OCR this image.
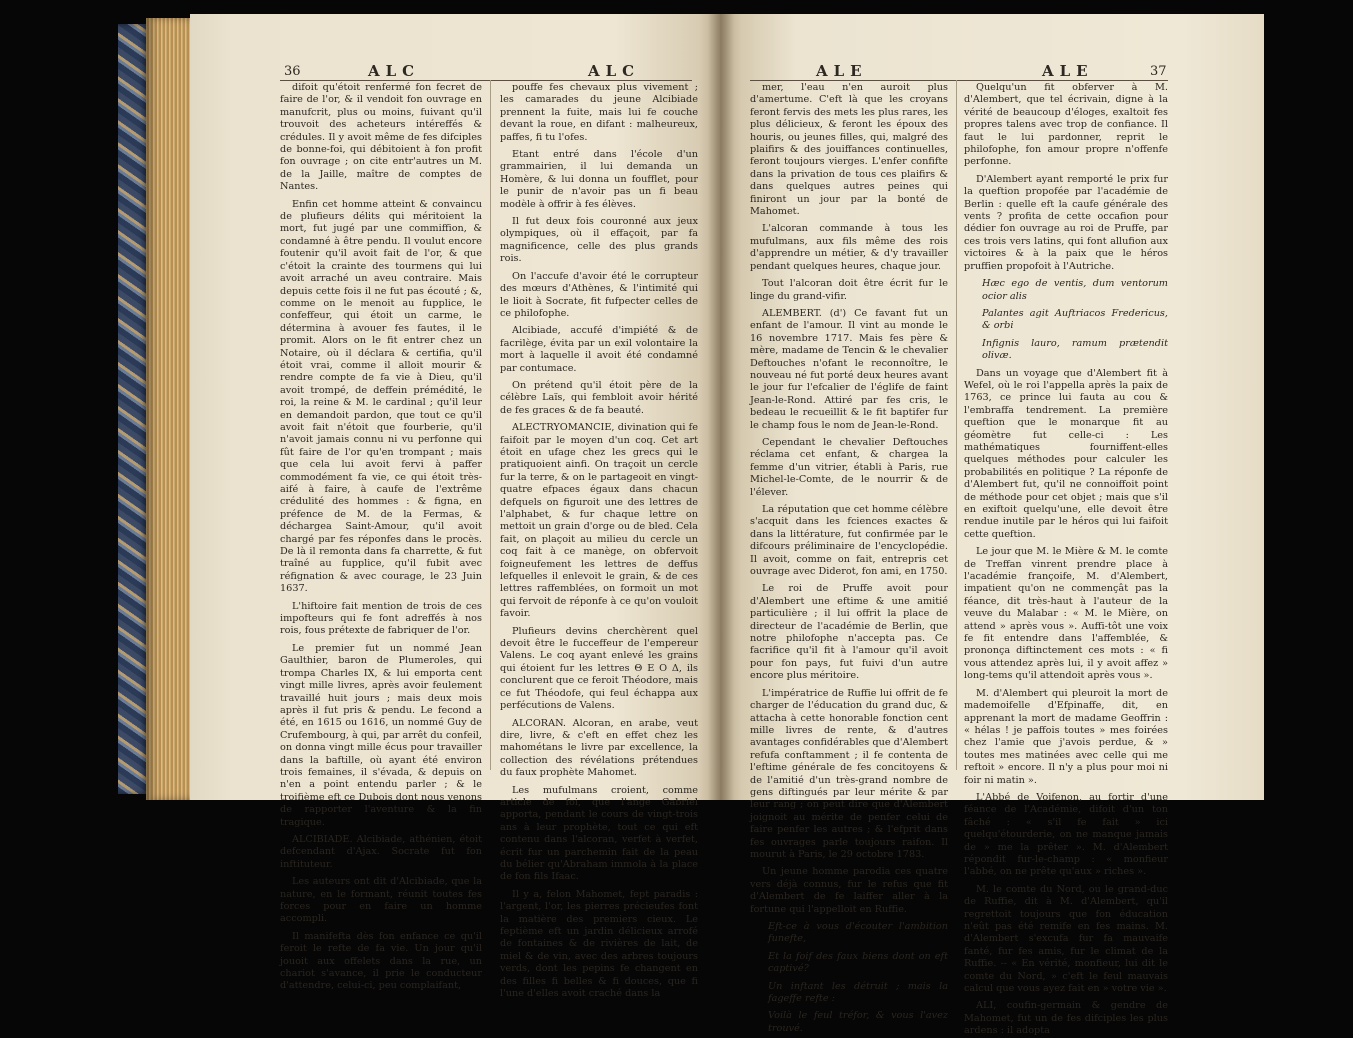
36	ALC	ALC

difoit qu'étoit renfermé fon fecret de faire de l'or, & il vendoit fon ouvrage en manufcrit, plus ou moins, fuivant qu'il trouvoit des acheteurs intéreffés & crédules. Il y avoit même de fes difciples de bonne-foi, qui débitoient à fon profit fon ouvrage ; on cite entr'autres un M. de la Jaille, maître de comptes de Nantes.

Enfin cet homme atteint & convaincu de plufieurs délits qui méritoient la mort, fut jugé par une commiffion, & condamné à être pendu. Il voulut encore foutenir qu'il avoit fait de l'or, & que c'étoit la crainte des tourmens qui lui avoit arraché un aveu contraire. Mais depuis cette fois il ne fut pas écouté ; &, comme on le menoit au fupplice, le confeffeur, qui étoit un carme, le détermina à avouer fes fautes, il le promit. Alors on le fit entrer chez un Notaire, où il déclara & certifia, qu'il étoit vrai, comme il alloit mourir & rendre compte de fa vie à Dieu, qu'il avoit trompé, de deffein prémédité, le roi, la reine & M. le cardinal ; qu'il leur en demandoit pardon, que tout ce qu'il avoit fait n'étoit que fourberie, qu'il n'avoit jamais connu ni vu perfonne qui fût faire de l'or qu'en trompant ; mais que cela lui avoit fervi à paffer commodément fa vie, ce qui étoit très-aifé à faire, à caufe de l'extrême crédulité des hommes : & figna, en préfence de M. de la Fermas, & déchargea Saint-Amour, qu'il avoit chargé par fes réponfes dans le procès. De là il remonta dans fa charrette, & fut traîné au fupplice, qu'il fubit avec réfignation & avec courage, le 23 Juin 1637.

L'hiftoire fait mention de trois de ces impofteurs qui fe font adreffés à nos rois, fous prétexte de fabriquer de l'or.

Le premier fut un nommé Jean Gaulthier, baron de Plumeroles, qui trompa Charles IX, & lui emporta cent vingt mille livres, après avoir feulement travaillé huit jours ; mais deux mois après il fut pris & pendu. Le fecond a été, en 1615 ou 1616, un nommé Guy de Crufembourg, à qui, par arrêt du confeil, on donna vingt mille écus pour travailler dans la baftille, où ayant été environ trois femaines, il s'évada, & depuis on n'en a point entendu parler ; & le troifième eft ce Dubois dont nous venons de rapporter l'aventure & la fin tragique.

ALCIBIADE. Alcibiade, athénien, étoit defcendant d'Ajax. Socrate fut fon inftituteur.

Les auteurs ont dit d'Alcibiade, que la nature, en le formant, réunit toutes fes forces pour en faire un homme accompli.

Il manifefta dès fon enfance ce qu'il feroit le refte de fa vie. Un jour qu'il jouoit aux offelets dans la rue, un chariot s'avance, il prie le conducteur d'attendre, celui-ci, peu complaifant,

pouffe fes chevaux plus vivement ; les camarades du jeune Alcibiade prennent la fuite, mais lui fe couche devant la roue, en difant : malheureux, paffes, fi tu l'ofes.

Etant entré dans l'école d'un grammairien, il lui demanda un Homère, & lui donna un foufflet, pour le punir de n'avoir pas un fi beau modèle à offrir à fes élèves.

Il fut deux fois couronné aux jeux olympiques, où il effaçoit, par fa magnificence, celle des plus grands rois.

On l'accufe d'avoir été le corrupteur des mœurs d'Athènes, & l'intimité qui le lioit à Socrate, fit fufpecter celles de ce philofophe.

Alcibiade, accufé d'impiété & de facrilège, évita par un exil volontaire la mort à laquelle il avoit été condamné par contumace.

On prétend qu'il étoit père de la célèbre Laïs, qui fembloit avoir hérité de fes graces & de fa beauté.

ALECTRYOMANCIE, divination qui fe faifoit par le moyen d'un coq. Cet art étoit en ufage chez les grecs qui le pratiquoient ainfi. On traçoit un cercle fur la terre, & on le partageoit en vingt-quatre efpaces égaux dans chacun defquels on figuroit une des lettres de l'alphabet, & fur chaque lettre on mettoit un grain d'orge ou de bled. Cela fait, on plaçoit au milieu du cercle un coq fait à ce manège, on obfervoit foigneufement les lettres de deffus lefquelles il enlevoit le grain, & de ces lettres raffemblées, on formoit un mot qui fervoit de réponfe à ce qu'on vouloit favoir.

Plufieurs devins cherchèrent quel devoit être le fucceffeur de l'empereur Valens. Le coq ayant enlevé les grains qui étoient fur les lettres Θ Ε Ο Δ, ils conclurent que ce feroit Théodore, mais ce fut Théodofe, qui feul échappa aux perfécutions de Valens.

ALCORAN. Alcoran, en arabe, veut dire, livre, & c'eft en effet chez les mahométans le livre par excellence, la collection des révélations prétendues du faux prophète Mahomet.

Les mufulmans croient, comme article de foi, que l'ange Gabriel apporta, pendant le cours de vingt-trois ans à leur prophète, tout ce qui eft contenu dans l'alcoran, verfet à verfet, écrit fur un parchemin fait de la peau du bélier qu'Abraham immola à la place de fon fils Ifaac.

Il y a, felon Mahomet, fept paradis : l'argent, l'or, les pierres précieufes font la matière des premiers cieux. Le feptième eft un jardin délicieux arrofé de fontaines & de rivières de lait, de miel & de vin, avec des arbres toujours verds, dont les pepins fe changent en des filles fi belles & fi douces, que fi l'une d'elles avoit craché dans la

ALE	ALE	37

mer, l'eau n'en auroit plus d'amertume. C'eft là que les croyans feront fervis des mets les plus rares, les plus délicieux, & feront les époux des houris, ou jeunes filles, qui, malgré des plaifirs & des jouiffances continuelles, feront toujours vierges. L'enfer confifte dans la privation de tous ces plaifirs & dans quelques autres peines qui finiront un jour par la bonté de Mahomet.

L'alcoran commande à tous les mufulmans, aux fils même des rois d'apprendre un métier, & d'y travailler pendant quelques heures, chaque jour.

Tout l'alcoran doit être écrit fur le linge du grand-vifir.

ALEMBERT. (d') Ce favant fut un enfant de l'amour. Il vint au monde le 16 novembre 1717. Mais fes père & mère, madame de Tencin & le chevalier Deftouches n'ofant le reconnoître, le nouveau né fut porté deux heures avant le jour fur l'efcalier de l'églife de faint Jean-le-Rond. Attiré par fes cris, le bedeau le recueillit & le fit baptifer fur le champ fous le nom de Jean-le-Rond.

Cependant le chevalier Deftouches réclama cet enfant, & chargea la femme d'un vitrier, établi à Paris, rue Michel-le-Comte, de le nourrir & de l'élever.

La réputation que cet homme célèbre s'acquit dans les fciences exactes & dans la littérature, fut confirmée par le difcours préliminaire de l'encyclopédie. Il avoit, comme on fait, entrepris cet ouvrage avec Diderot, fon ami, en 1750.

Le roi de Pruffe avoit pour d'Alembert une eftime & une amitié particulière ; il lui offrit la place de directeur de l'académie de Berlin, que notre philofophe n'accepta pas. Ce facrifice qu'il fit à l'amour qu'il avoit pour fon pays, fut fuivi d'un autre encore plus méritoire.

L'impératrice de Ruffie lui offrit de fe charger de l'éducation du grand duc, & attacha à cette honorable fonction cent mille livres de rente, & d'autres avantages confidérables que d'Alembert refufa conftamment ; il fe contenta de l'eftime générale de fes concitoyens & de l'amitié d'un très-grand nombre de gens diftingués par leur mérite & par leur rang ; on peut dire que d'Alembert joignoit au mérite de penfer celui de faire penfer les autres ; & l'efprit dans fes ouvrages parle toujours raifon. Il mourut à Paris, le 29 octobre 1783.

Un jeune homme parodia ces quatre vers déjà connus, fur le refus que fit d'Alembert de fe laiffer aller à la fortune qui l'appelloit en Ruffie.

Eft-ce à vous d'écouter l'ambition funefte,

Et la foif des faux biens dont on eft captivé?

Un inftant les détruit ; mais la fageffe refte :

Voilà le feul tréfor, & vous l'avez trouvé.

Quelqu'un fit obferver à M. d'Alembert, que tel écrivain, digne à la vérité de beaucoup d'éloges, exaltoit fes propres talens avec trop de confiance. Il faut le lui pardonner, reprit le philofophe, fon amour propre n'offenfe perfonne.

D'Alembert ayant remporté le prix fur la queftion propofée par l'académie de Berlin : quelle eft la caufe générale des vents ? profita de cette occafion pour dédier fon ouvrage au roi de Pruffe, par ces trois vers latins, qui font allufion aux victoires & à la paix que le héros pruffien propofoit à l'Autriche.

Hæc ego de ventis, dum ventorum ocior alis

Palantes agit Auftriacos Fredericus, & orbi

Infignis lauro, ramum prætendit olivæ.

Dans un voyage que d'Alembert fit à Wefel, où le roi l'appella après la paix de 1763, ce prince lui fauta au cou & l'embraffa tendrement. La première queftion que le monarque fit au géomètre fut celle-ci : Les mathématiques fourniffent-elles quelques méthodes pour calculer les probabilités en politique ? La réponfe de d'Alembert fut, qu'il ne connoiffoit point de méthode pour cet objet ; mais que s'il en exiftoit quelqu'une, elle devoit être rendue inutile par le héros qui lui faifoit cette queftion.

Le jour que M. le Mière & M. le comte de Treffan vinrent prendre place à l'académie françoife, M. d'Alembert, impatient qu'on ne commençât pas la féance, dit très-haut à l'auteur de la veuve du Malabar : « M. le Mière, on attend » après vous ». Auffi-tôt une voix fe fit entendre dans l'affemblée, & prononça diftinctement ces mots : « fi vous attendez après lui, il y avoit affez » long-tems qu'il attendoit après vous ».

M. d'Alembert qui pleuroit la mort de mademoifelle d'Efpinaffe, dit, en apprenant la mort de madame Geoffrin : « hélas ! je paffois toutes » mes foirées chez l'amie que j'avois perdue, & » toutes mes matinées avec celle qui me reftoit » encore. Il n'y a plus pour moi ni foir ni matin ».

L'Abbé de Voifenon, au fortir d'une féance de l'Académie, difoit d'un ton fâché : « s'il fe fait » ici quelqu'étourderie, on ne manque jamais de » me la prêter ». M. d'Alembert répondit fur-le-champ : « monfieur l'abbé, on ne prête qu'aux » riches ».

M. le comte du Nord, ou le grand-duc de Ruffie, dit à M. d'Alembert, qu'il regrettoit toujours que fon éducation n'eût pas été remife en fes mains. M. d'Alembert s'excufa fur fa mauvaife fanté, fur fes amis, fur le climat de la Ruffie. -- « En vérité, monfieur, lui dit le comte du Nord, » c'eft le feul mauvais calcul que vous ayez fait en » votre vie ».

ALI, coufin-germain & gendre de Mahomet, fut un de fes difciples les plus ardens : il adopta
